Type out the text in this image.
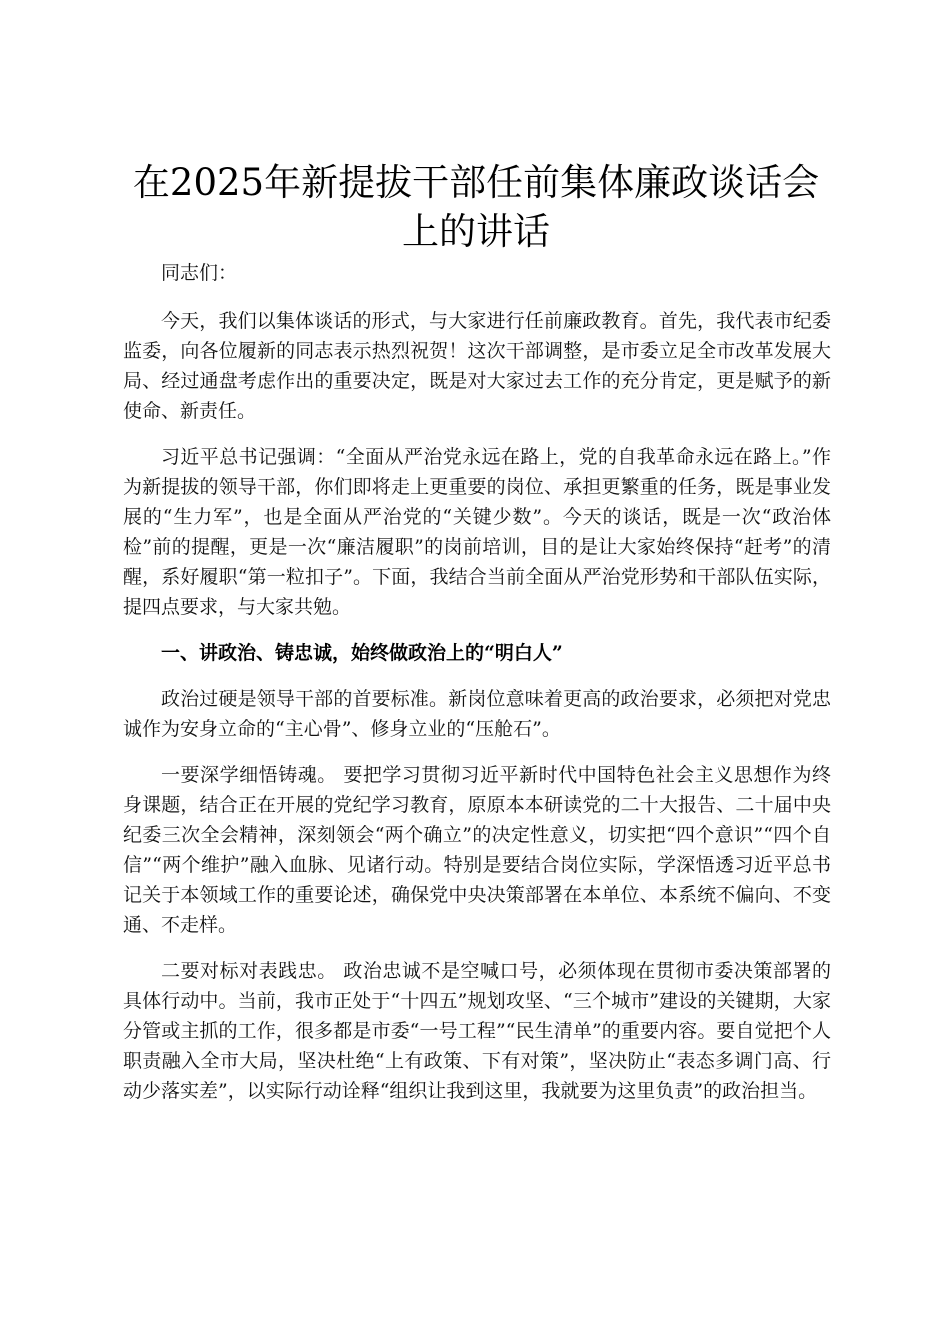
在2025年新提拔干部任前集体廉政谈话会上的讲话

同志们：

今天，我们以集体谈话的形式，与大家进行任前廉政教育。首先，我代表市纪委监委，向各位履新的同志表示热烈祝贺！这次干部调整，是市委立足全市改革发展大局、经过通盘考虑作出的重要决定，既是对大家过去工作的充分肯定，更是赋予的新使命、新责任。

习近平总书记强调：“全面从严治党永远在路上，党的自我革命永远在路上。”作为新提拔的领导干部，你们即将走上更重要的岗位、承担更繁重的任务，既是事业发展的“生力军”，也是全面从严治党的“关键少数”。今天的谈话，既是一次“政治体检”前的提醒，更是一次“廉洁履职”的岗前培训，目的是让大家始终保持“赶考”的清醒，系好履职“第一粒扣子”。下面，我结合当前全面从严治党形势和干部队伍实际，提四点要求，与大家共勉。

一、讲政治、铸忠诚，始终做政治上的“明白人”

政治过硬是领导干部的首要标准。新岗位意味着更高的政治要求，必须把对党忠诚作为安身立命的“主心骨”、修身立业的“压舱石”。

一要深学细悟铸魂。 要把学习贯彻习近平新时代中国特色社会主义思想作为终身课题，结合正在开展的党纪学习教育，原原本本研读党的二十大报告、二十届中央纪委三次全会精神，深刻领会“两个确立”的决定性意义，切实把“四个意识”“四个自信”“两个维护”融入血脉、见诸行动。特别是要结合岗位实际，学深悟透习近平总书记关于本领域工作的重要论述，确保党中央决策部署在本单位、本系统不偏向、不变通、不走样。

二要对标对表践忠。 政治忠诚不是空喊口号，必须体现在贯彻市委决策部署的具体行动中。当前，我市正处于“十四五”规划攻坚、“三个城市”建设的关键期，大家分管或主抓的工作，很多都是市委“一号工程”“民生清单”的重要内容。要自觉把个人职责融入全市大局，坚决杜绝“上有政策、下有对策”，坚决防止“表态多调门高、行动少落实差”，以实际行动诠释“组织让我到这里，我就要为这里负责”的政治担当。
